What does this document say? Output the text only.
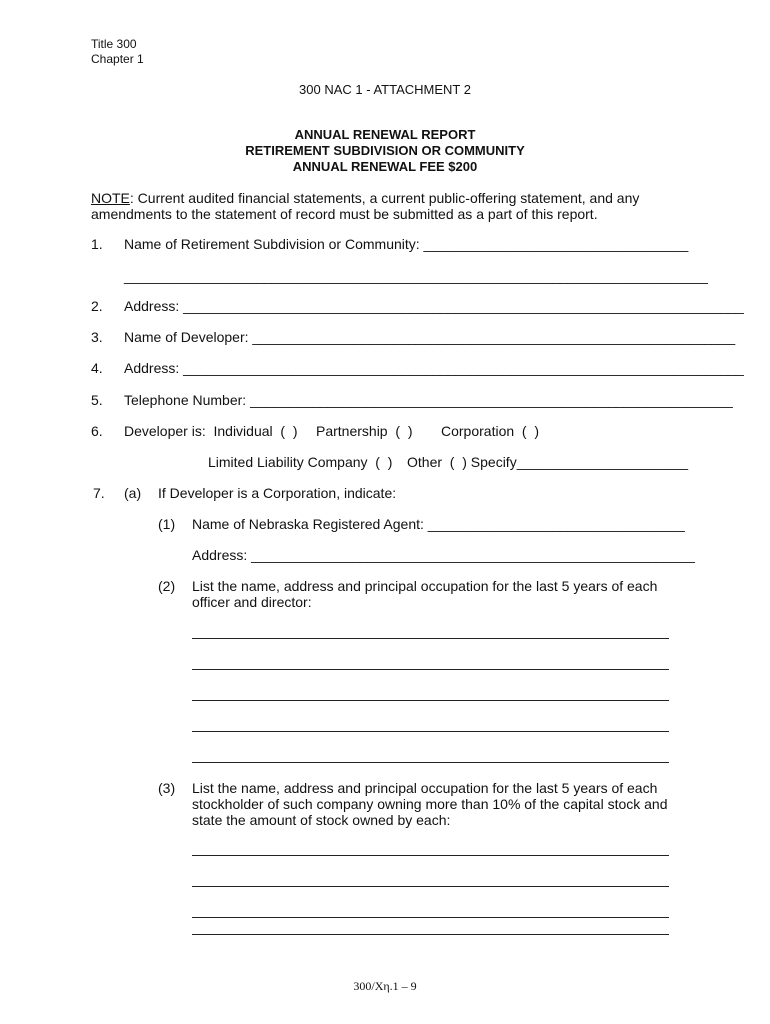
Title 300
Chapter 1
300 NAC 1 - ATTACHMENT 2
ANNUAL RENEWAL REPORT
RETIREMENT SUBDIVISION OR COMMUNITY
ANNUAL RENEWAL FEE $200
NOTE: Current audited financial statements, a current public-offering statement, and any
amendments to the statement of record must be submitted as a part of this report.
1. Name of Retirement Subdivision or Community: __________________________________
___________________________________________________________________________
2. Address: ________________________________________________________________________
3. Name of Developer: ______________________________________________________________
4. Address: ________________________________________________________________________
5. Telephone Number: ______________________________________________________________
6. Developer is:  Individual  (  ) Partnership  (  ) Corporation  (  )
Limited Liability Company  (  ) Other  (  ) Specify______________________
7. (a) If Developer is a Corporation, indicate:
(1) Name of Nebraska Registered Agent: _________________________________
Address: _________________________________________________________
(2) List the name, address and principal occupation for the last 5 years of each
officer and director:
(3) List the name, address and principal occupation for the last 5 years of each
stockholder of such company owning more than 10% of the capital stock and
state the amount of stock owned by each:
300/Χη.1 – 9
